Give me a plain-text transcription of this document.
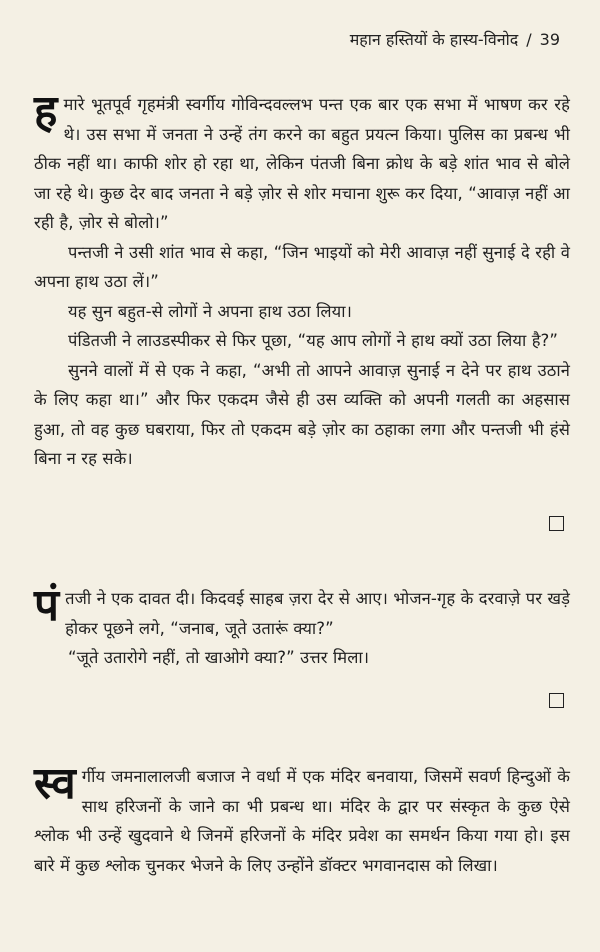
महान हस्तियों के हास्य-विनोद / 39

हमारे भूतपूर्व गृहमंत्री स्वर्गीय गोविन्दवल्लभ पन्त एक बार एक सभा में भाषण कर रहे थे। उस सभा में जनता ने उन्हें तंग करने का बहुत प्रयत्न किया। पुलिस का प्रबन्ध भी ठीक नहीं था। काफी शोर हो रहा था, लेकिन पंतजी बिना क्रोध के बड़े शांत भाव से बोले जा रहे थे। कुछ देर बाद जनता ने बड़े ज़ोर से शोर मचाना शुरू कर दिया, “आवाज़ नहीं आ रही है, ज़ोर से बोलो।”

पन्तजी ने उसी शांत भाव से कहा, “जिन भाइयों को मेरी आवाज़ नहीं सुनाई दे रही वे अपना हाथ उठा लें।”

यह सुन बहुत-से लोगों ने अपना हाथ उठा लिया।

पंडितजी ने लाउडस्पीकर से फिर पूछा, “यह आप लोगों ने हाथ क्यों उठा लिया है?”

सुनने वालों में से एक ने कहा, “अभी तो आपने आवाज़ सुनाई न देने पर हाथ उठाने के लिए कहा था।” और फिर एकदम जैसे ही उस व्यक्ति को अपनी गलती का अहसास हुआ, तो वह कुछ घबराया, फिर तो एकदम बड़े ज़ोर का ठहाका लगा और पन्तजी भी हंसे बिना न रह सके।

पंतजी ने एक दावत दी। किदवई साहब ज़रा देर से आए। भोजन-गृह के दरवाज़े पर खड़े होकर पूछने लगे, “जनाब, जूते उतारूं क्या?”

“जूते उतारोगे नहीं, तो खाओगे क्या?” उत्तर मिला।

स्व र्गीय जमनालालजी बजाज ने वर्धा में एक मंदिर बनवाया, जिसमें सवर्ण हिन्दुओं के साथ हरिजनों के जाने का भी प्रबन्ध था। मंदिर के द्वार पर संस्कृत के कुछ ऐसे श्लोक भी उन्हें खुदवाने थे जिनमें हरिजनों के मंदिर प्रवेश का समर्थन किया गया हो। इस बारे में कुछ श्लोक चुनकर भेजने के लिए उन्होंने डॉक्टर भगवानदास को लिखा।
